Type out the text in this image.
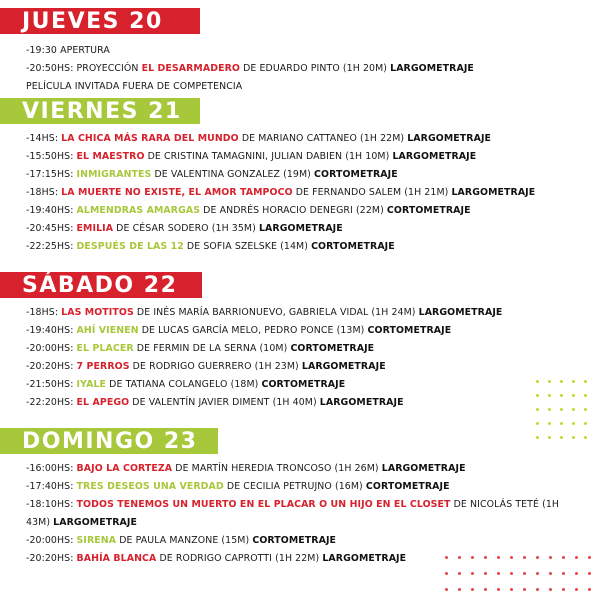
JUEVES 20
-19:30 APERTURA
-20:50HS: PROYECCIÓN EL DESARMADERO DE EDUARDO PINTO (1H 20M) LARGOMETRAJE
PELÍCULA INVITADA FUERA DE COMPETENCIA
VIERNES 21
-14HS: LA CHICA MÁS RARA DEL MUNDO DE MARIANO CATTANEO (1H 22M) LARGOMETRAJE
-15:50HS: EL MAESTRO DE CRISTINA TAMAGNINI, JULIAN DABIEN (1H 10M) LARGOMETRAJE
-17:15HS: INMIGRANTES DE VALENTINA GONZALEZ (19M) CORTOMETRAJE
-18HS: LA MUERTE NO EXISTE, EL AMOR TAMPOCO DE FERNANDO SALEM (1H 21M) LARGOMETRAJE
-19:40HS: ALMENDRAS AMARGAS DE ANDRÉS HORACIO DENEGRI (22M) CORTOMETRAJE
-20:45HS: EMILIA DE CÉSAR SODERO (1H 35M) LARGOMETRAJE
-22:25HS: DESPUÉS DE LAS 12 DE SOFIA SZELSKE (14M) CORTOMETRAJE
SÁBADO 22
-18HS: LAS MOTITOS DE INÉS MARÍA BARRIONUEVO, GABRIELA VIDAL (1H 24M) LARGOMETRAJE
-19:40HS: AHÍ VIENEN DE LUCAS GARCÍA MELO, PEDRO PONCE (13M) CORTOMETRAJE
-20:00HS: EL PLACER DE FERMIN DE LA SERNA (10M) CORTOMETRAJE
-20:20HS: 7 PERROS DE RODRIGO GUERRERO (1H 23M) LARGOMETRAJE
-21:50HS: IYALE DE TATIANA COLANGELO (18M) CORTOMETRAJE
-22:20HS: EL APEGO DE VALENTÍN JAVIER DIMENT (1H 40M) LARGOMETRAJE
DOMINGO 23
-16:00HS: BAJO LA CORTEZA DE MARTÍN HEREDIA TRONCOSO (1H 26M) LARGOMETRAJE
-17:40HS: TRES DESEOS UNA VERDAD DE CECILIA PETRUJNO (16M) CORTOMETRAJE
-18:10HS: TODOS TENEMOS UN MUERTO EN EL PLACAR O UN HIJO EN EL CLOSET DE NICOLÁS TETÉ (1H 43M) LARGOMETRAJE
-20:00HS: SIRENA DE PAULA MANZONE (15M) CORTOMETRAJE
-20:20HS: BAHÍA BLANCA DE RODRIGO CAPROTTI (1H 22M) LARGOMETRAJE
